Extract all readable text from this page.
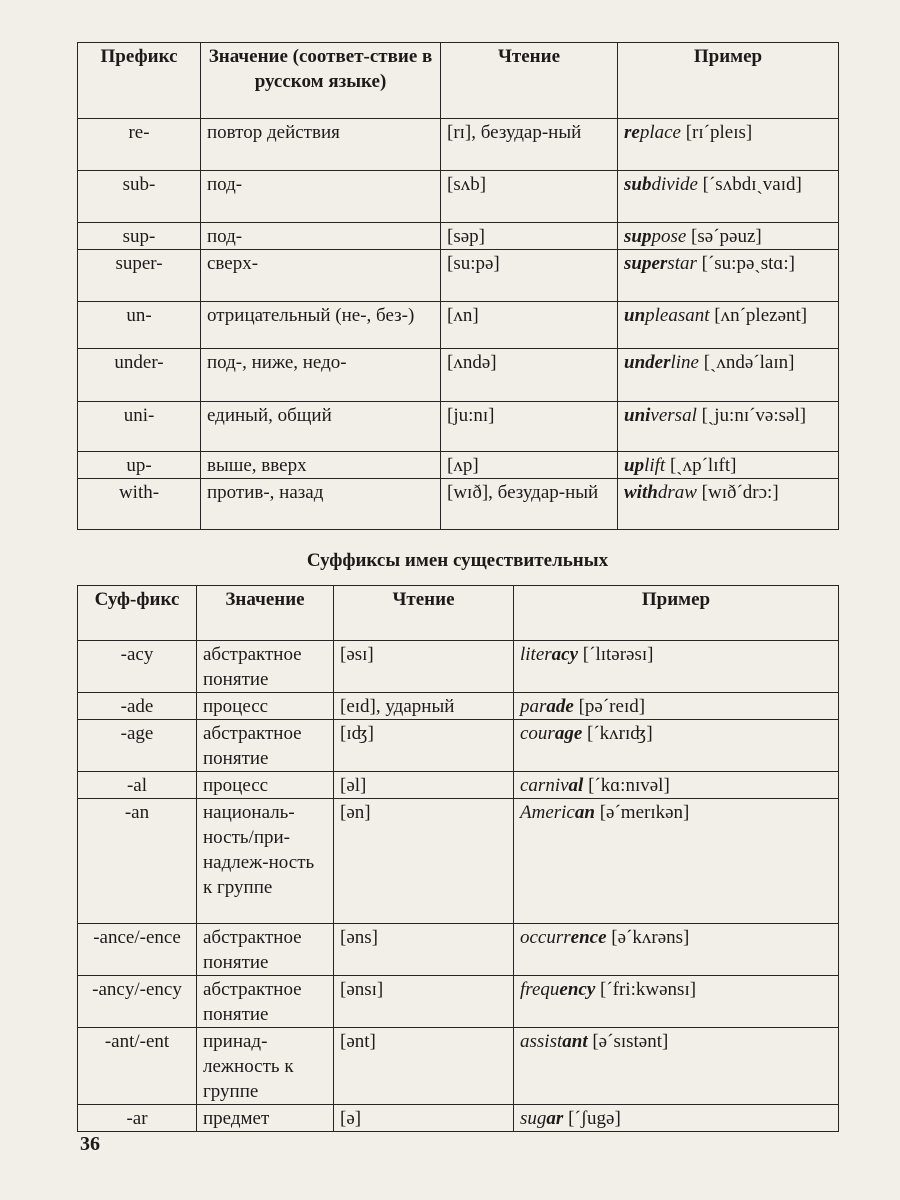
Префикс	Значение (соответ-ствие в русском языке)	Чтение	Пример
re-	повтор действия	[rɪ], безудар-ный	replace [rɪˊpleɪs]
sub-	под-	[sʌb]	subdivide [ˊsʌbdɪˏvaɪd]
sup-	под-	[səp]	suppose [səˊpəuz]
super-	сверх-	[su:pə]	superstar [ˊsu:pəˏstɑ:]
un-	отрицательный (не-, без-)	[ʌn]	unpleasant [ʌnˊplezənt]
under-	под-, ниже, недо-	[ʌndə]	underline [ˏʌndəˊlaɪn]
uni-	единый, общий	[ju:nɪ]	universal [ˏju:nɪˊvə:səl]
up-	выше, вверх	[ʌp]	uplift [ˏʌpˊlɪft]
with-	против-, назад	[wɪð], безудар-ный	withdraw [wɪðˊdrɔ:]
Суффиксы имен существительных
Суф-фикс	Значение	Чтение	Пример
-acy	абстрактное понятие	[əsɪ]	literacy [ˊlɪtərəsɪ]
-ade	процесс	[eɪd], ударный	parade [pəˊreɪd]
-age	абстрактное понятие	[ɪʤ]	courage [ˊkʌrɪʤ]
-al	процесс	[əl]	carnival [ˊkɑ:nɪvəl]
-an	националь-ность/при-надлеж-ность к группе	[ən]	American [əˊmerɪkən]
-ance/-ence	абстрактное понятие	[əns]	occurrence [əˊkʌrəns]
-ancy/-ency	абстрактное понятие	[ənsɪ]	frequency [ˊfri:kwənsɪ]
-ant/-ent	принад-лежность к группе	[ənt]	assistant [əˊsɪstənt]
-ar	предмет	[ə]	sugar [ˊʃugə]
36
